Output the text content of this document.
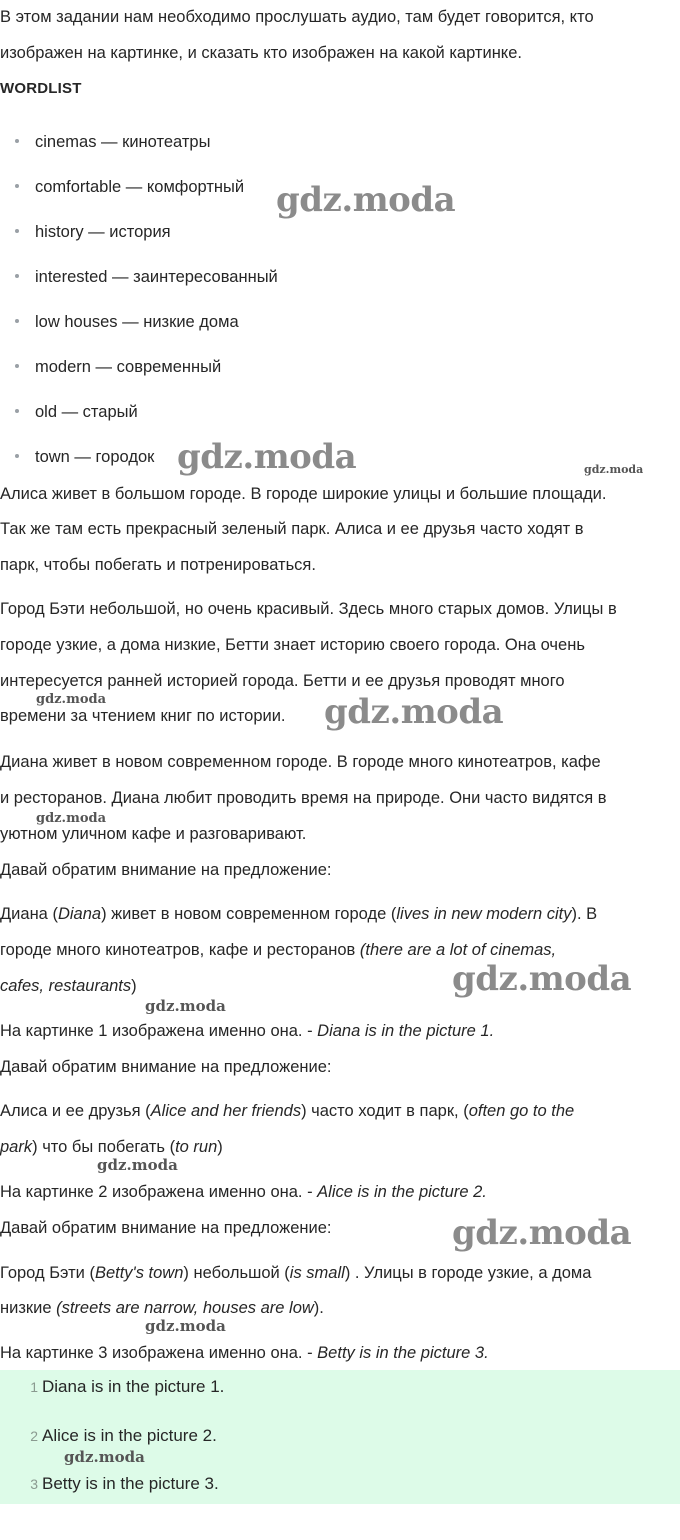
В этом задании нам необходимо прослушать аудио, там будет говорится, кто
изображен на картинке, и сказать кто изображен на какой картинке.
WORDLIST
cinemas — кинотеатры
comfortable — комфортный
history — история
interested — заинтересованный
low houses — низкие дома
modern — современный
old — старый
town — городок
Алиса живет в большом городе. В городе широкие улицы и большие площади.
Так же там есть прекрасный зеленый парк. Алиса и ее друзья часто ходят в
парк, чтобы побегать и потренироваться.
Город Бэти небольшой, но очень красивый. Здесь много старых домов. Улицы в
городе узкие, а дома низкие, Бетти знает историю своего города. Она очень
интересуется ранней историей города. Бетти и ее друзья проводят много
времени за чтением книг по истории.
Диана живет в новом современном городе. В городе много кинотеатров, кафе
и ресторанов. Диана любит проводить время на природе. Они часто видятся в
уютном уличном кафе и разговаривают.
Давай обратим внимание на предложение:
Диана (Diana) живет в новом современном городе (lives in new modern city). В
городе много кинотеатров, кафе и ресторанов (there are a lot of cinemas,
cafes, restaurants)
На картинке 1 изображена именно она. - Diana is in the picture 1.
Давай обратим внимание на предложение:
Алиса и ее друзья (Alice and her friends) часто ходит в парк, (often go to the
park) что бы побегать (to run)
На картинке 2 изображена именно она. - Alice is in the picture 2.
Давай обратим внимание на предложение:
Город Бэти (Betty's town) небольшой (is small) . Улицы в городе узкие, а дома
низкие (streets are narrow, houses are low).
На картинке 3 изображена именно она. - Betty is in the picture 3.
1 Diana is in the picture 1.
2 Alice is in the picture 2.
3 Betty is in the picture 3.
gdz.moda
gdz.moda	gdz.moda
gdz.moda	gdz.moda
gdz.moda
gdz.moda
gdz.moda
gdz.moda
gdz.moda
gdz.moda
gdz.moda
